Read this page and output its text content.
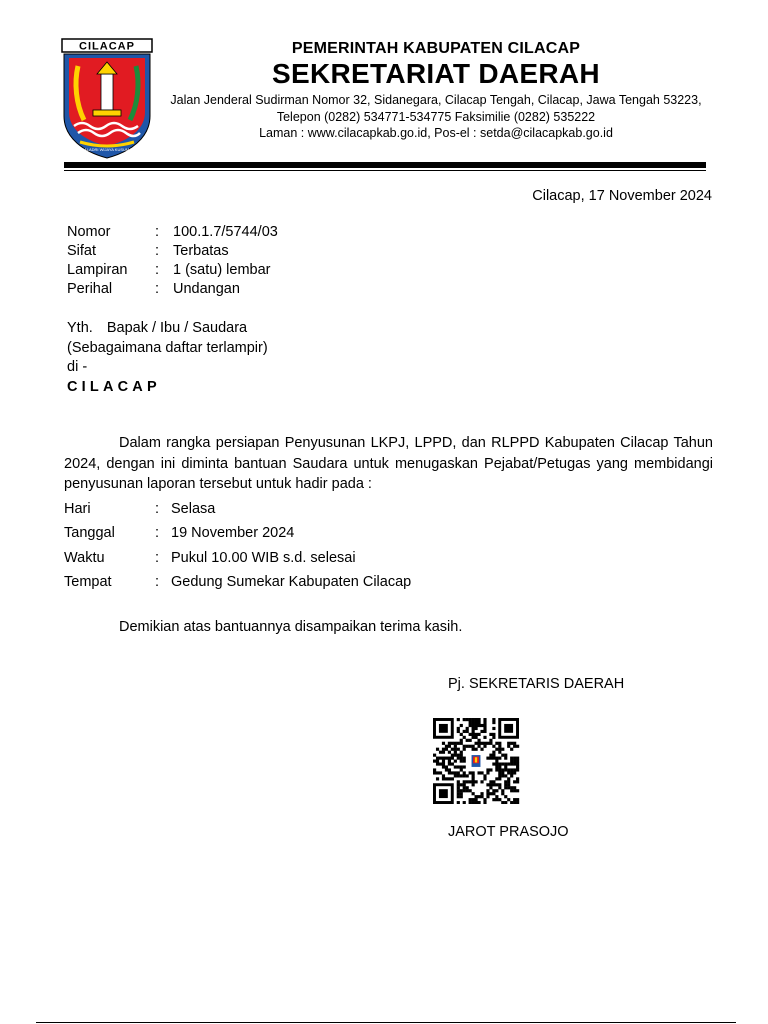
CILACAP
JALADRI WIJAYA KUSUMA
PEMERINTAH KABUPATEN CILACAP
SEKRETARIAT DAERAH
Jalan Jenderal Sudirman Nomor 32, Sidanegara, Cilacap Tengah, Cilacap, Jawa Tengah 53223,
Telepon (0282) 534771-534775 Faksimilie (0282) 535222
Laman : www.cilacapkab.go.id, Pos-el : setda@cilacapkab.go.id
Cilacap, 17 November 2024
Nomor	: 100.1.7/5744/03
Sifat	: Terbatas
Lampiran : 1 (satu) lembar
Perihal	: Undangan
Yth. Bapak / Ibu / Saudara
(Sebagaimana daftar terlampir)
di -
CILACAP
Dalam rangka persiapan Penyusunan LKPJ, LPPD, dan RLPPD Kabupaten Cilacap Tahun 2024, dengan ini diminta bantuan Saudara untuk menugaskan Pejabat/Petugas yang membidangi penyusunan laporan tersebut untuk hadir pada :
Hari	: Selasa
Tanggal	: 19 November 2024
Waktu	: Pukul 10.00 WIB s.d. selesai
Tempat	: Gedung Sumekar Kabupaten Cilacap
Demikian atas bantuannya disampaikan terima kasih.
Pj. SEKRETARIS DAERAH
JAROT PRASOJO
